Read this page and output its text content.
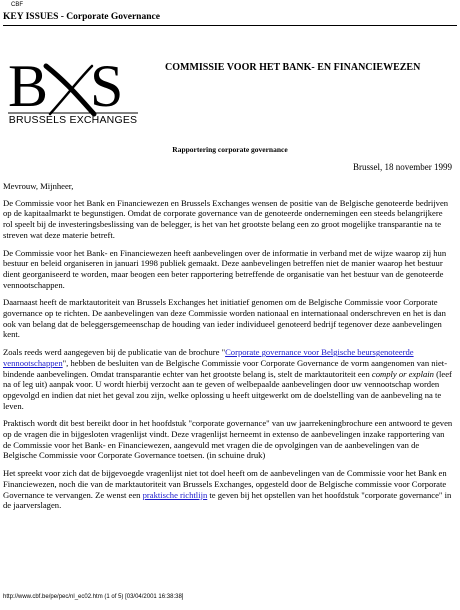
CBF
KEY ISSUES - Corporate Governance
B S
BRUSSELS EXCHANGES
COMMISSIE VOOR HET BANK- EN FINANCIEWEZEN
Rapportering corporate governance
Brussel, 18 november 1999

Mevrouw, Mijnheer,

De Commissie voor het Bank en Financiewezen en Brussels Exchanges wensen de positie van de Belgische genoteerde bedrijven op de kapitaalmarkt te begunstigen. Omdat de corporate governance van de genoteerde ondernemingen een steeds belangrijkere rol speelt bij de investeringsbeslissing van de belegger, is het van het grootste belang een zo groot mogelijke transparantie na te streven wat deze materie betreft.

De Commissie voor het Bank- en Financiewezen heeft aanbevelingen over de informatie in verband met de wijze waarop zij hun bestuur en beleid organiseren in januari 1998 publiek gemaakt. Deze aanbevelingen betreffen niet de manier waarop het bestuur dient georganiseerd te worden, maar beogen een beter rapportering betreffende de organisatie van het bestuur van de genoteerde vennootschappen.

Daarnaast heeft de marktautoriteit van Brussels Exchanges het initiatief genomen om de Belgische Commissie voor Corporate governance op te richten. De aanbevelingen van deze Commissie worden nationaal en internationaal onderschreven en het is dan ook van belang dat de beleggersgemeenschap de houding van ieder individueel genoteerd bedrijf tegenover deze aanbevelingen kent.

Zoals reeds werd aangegeven bij de publicatie van de brochure "Corporate governance voor Belgische beursgenoteerde vennootschappen", hebben de besluiten van de Belgische Commissie voor Corporate Governance de vorm aangenomen van niet-bindende aanbevelingen. Omdat transparantie echter van het grootste belang is, stelt de marktautoriteit een comply or explain (leef na of leg uit) aanpak voor. U wordt hierbij verzocht aan te geven of welbepaalde aanbevelingen door uw vennootschap worden opgevolgd en indien dat niet het geval zou zijn, welke oplossing u heeft uitgewerkt om de doelstelling van de aanbeveling na te leven.

Praktisch wordt dit best bereikt door in het hoofdstuk "corporate governance" van uw jaarrekeningbrochure een antwoord te geven op de vragen die in bijgesloten vragenlijst vindt. Deze vragenlijst herneemt in extenso de aanbevelingen inzake rapportering van de Commissie voor het Bank- en Financiewezen, aangevuld met vragen die de opvolgingen van de aanbevelingen van de Belgische Commissie voor Corporate Governance toetsen. (in schuine druk)

Het spreekt voor zich dat de bijgevoegde vragenlijst niet tot doel heeft om de aanbevelingen van de Commissie voor het Bank en Financiewezen, noch die van de marktautoriteit van Brussels Exchanges, opgesteld door de Belgische commissie voor Corporate Governance te vervangen. Ze wenst een praktische richtlijn te geven bij het opstellen van het hoofdstuk "corporate governance" in de jaarverslagen.

http://www.cbf.be/pe/pec/nl_ec02.htm (1 of 5) [03/04/2001 16:38:38]
